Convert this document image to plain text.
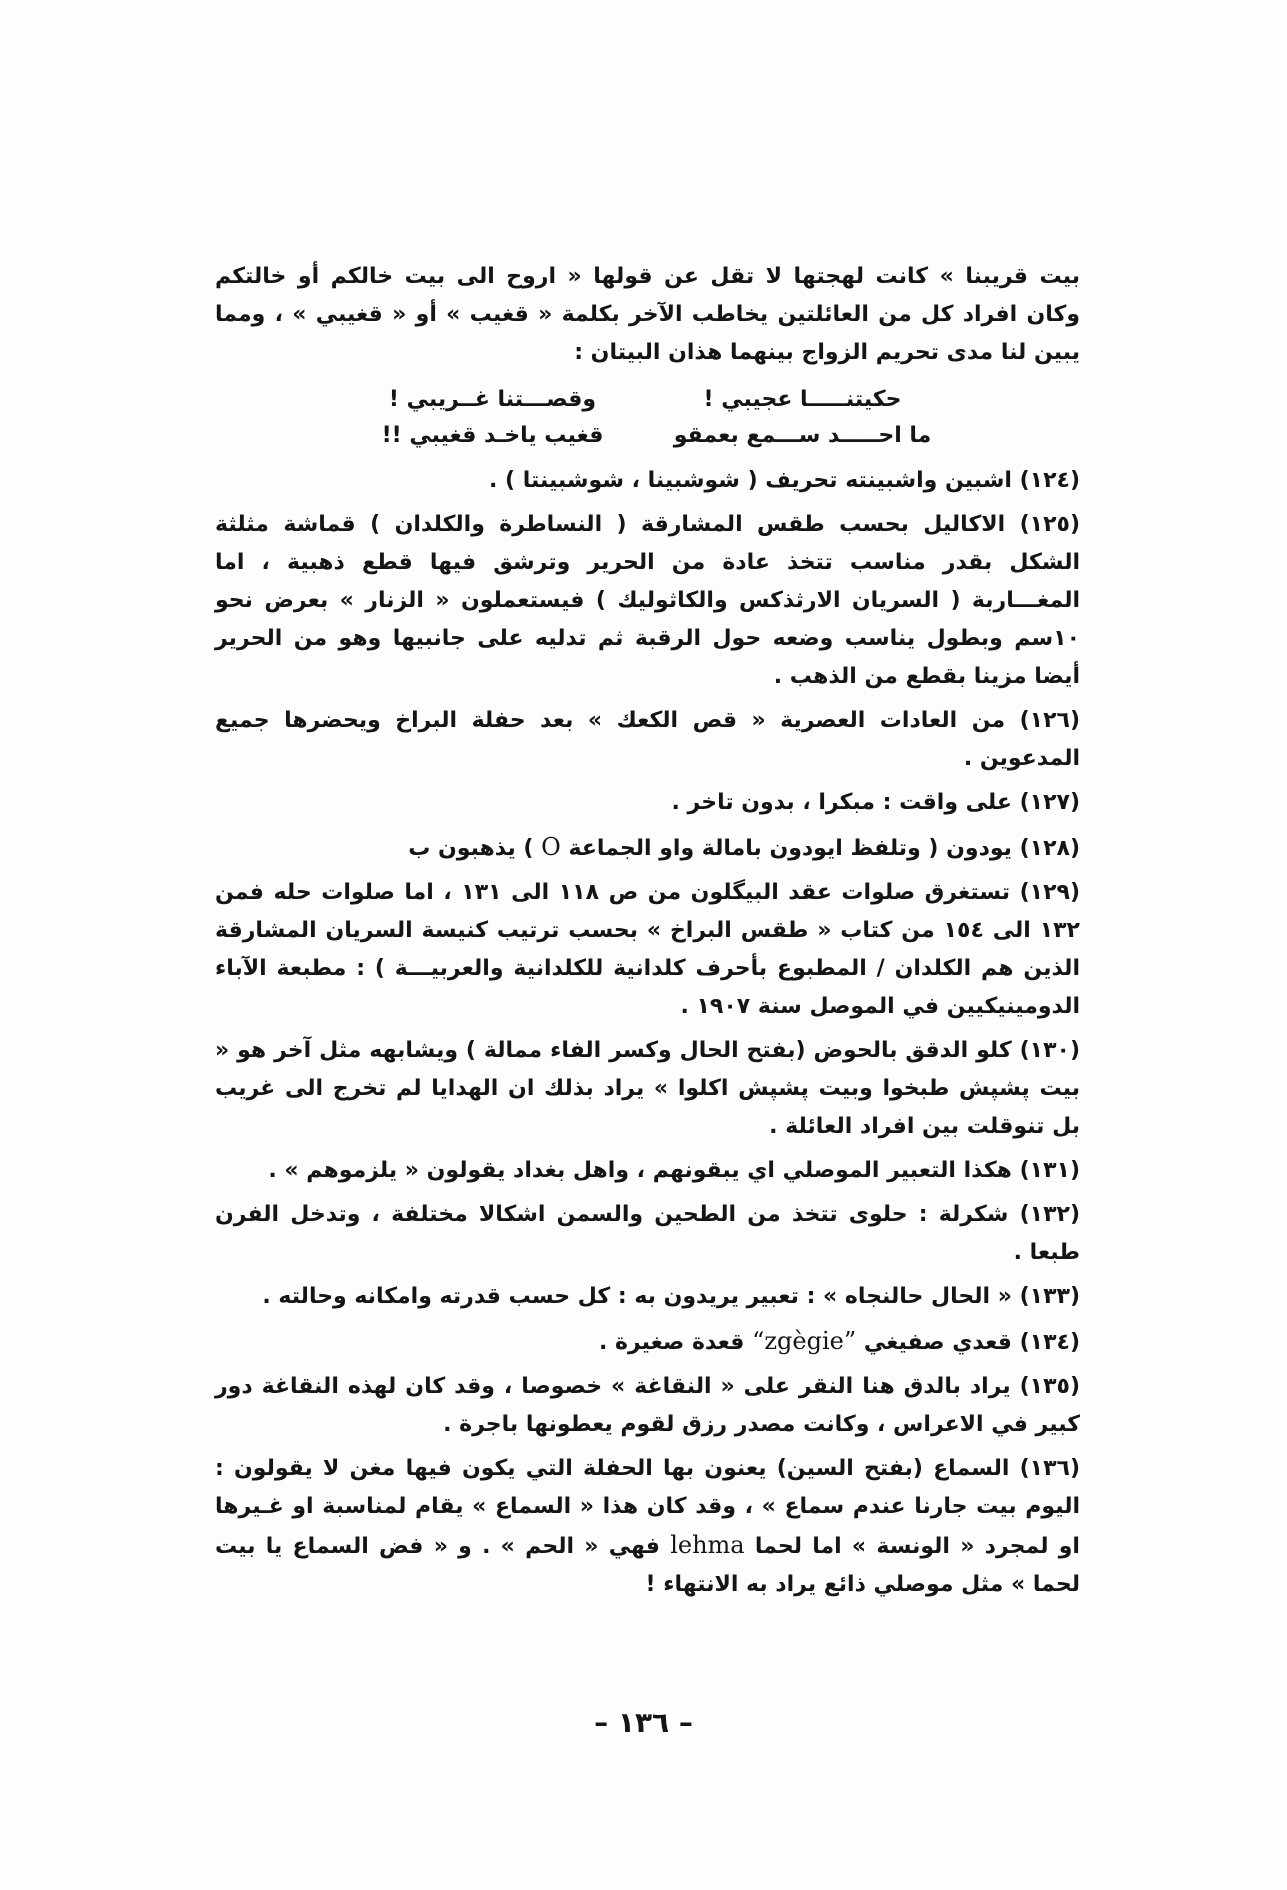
بيت قريبنا » كانت لهجتها لا تقل عن قولها « اروح الى بيت خالكم أو خالتكم وكان افراد كل من العائلتين يخاطب الآخر بكلمة « قغيب » أو « قغيبي » ، ومما يبين لنا مدى تحريم الزواج بينهما هذان البيتان :

حكيتنـــــا عجيبي !
وقصـــتنا غــريبي !
ما احـــــد ســـمع بعمقو
قغيب ياخـد قغيبي !!

(١٢٤) اشبين واشبينته تحريف ( شوشبينا ، شوشبينتا ) .

(١٢٥) الاكاليل بحسب طقس المشارقة ( النساطرة والكلدان ) قماشة مثلثة الشكل بقدر مناسب تتخذ عادة من الحرير وترشق فيها قطع ذهبية ، اما المغـــاربة ( السريان الارثذكس والكاثوليك ) فيستعملون « الزنار » بعرض نحو ١٠سم وبطول يناسب وضعه حول الرقبة ثم تدليه على جانبيها وهو من الحرير أيضا مزينا بقطع من الذهب .

(١٢٦) من العادات العصرية « قص الكعك » بعد حفلة البراخ ويحضرها جميع المدعوين .

(١٢٧) على واقت : مبكرا ، بدون تاخر .

(١٢٨) يودون ( وتلفظ ايودون بامالة واو الجماعة O ) يذهبون ب

(١٢٩) تستغرق صلوات عقد البيگلون من ص ١١٨ الى ١٣١ ، اما صلوات حله فمن ١٣٢ الى ١٥٤ من كتاب « طقس البراخ » بحسب ترتيب كنيسة السريان المشارقة الذين هم الكلدان / المطبوع بأحرف كلدانية للكلدانية والعربيـــة ) : مطبعة الآباء الدومينيكيين في الموصل سنة ١٩٠٧ .

(١٣٠) كلو الدقق بالحوض (بفتح الحال وكسر الفاء ممالة ) ويشابهه مثل آخر هو « بيت پشپش طبخوا وبيت پشپش اكلوا » يراد بذلك ان الهدايا لم تخرج الى غريب بل تنوقلت بين افراد العائلة .

(١٣١) هكذا التعبير الموصلي اي يبقونهم ، واهل بغداد يقولون « يلزموهم » .

(١٣٢) شكرلة : حلوى تتخذ من الطحين والسمن اشكالا مختلفة ، وتدخل الفرن طبعا .

(١٣٣) « الحال حالنجاه » : تعبير يريدون به : كل حسب قدرته وامكانه وحالته .

(١٣٤) قعدي صفيغي “zgègie” قعدة صغيرة .

(١٣٥) يراد بالدق هنا النقر على « النقاغة » خصوصا ، وقد كان لهذه النقاغة دور كبير في الاعراس ، وكانت مصدر رزق لقوم يعطونها باجرة .

(١٣٦) السماع (بفتح السين) يعنون بها الحفلة التي يكون فيها مغن لا يقولون : اليوم بيت جارنا عندم سماع » ، وقد كان هذا « السماع » يقام لمناسبة او غـيرها او لمجرد « الونسة » اما لحما lehma فهي « الحم » . و « فض السماع يا بيت لحما » مثل موصلي ذائع يراد به الانتهاء !

– ١٣٦ –
